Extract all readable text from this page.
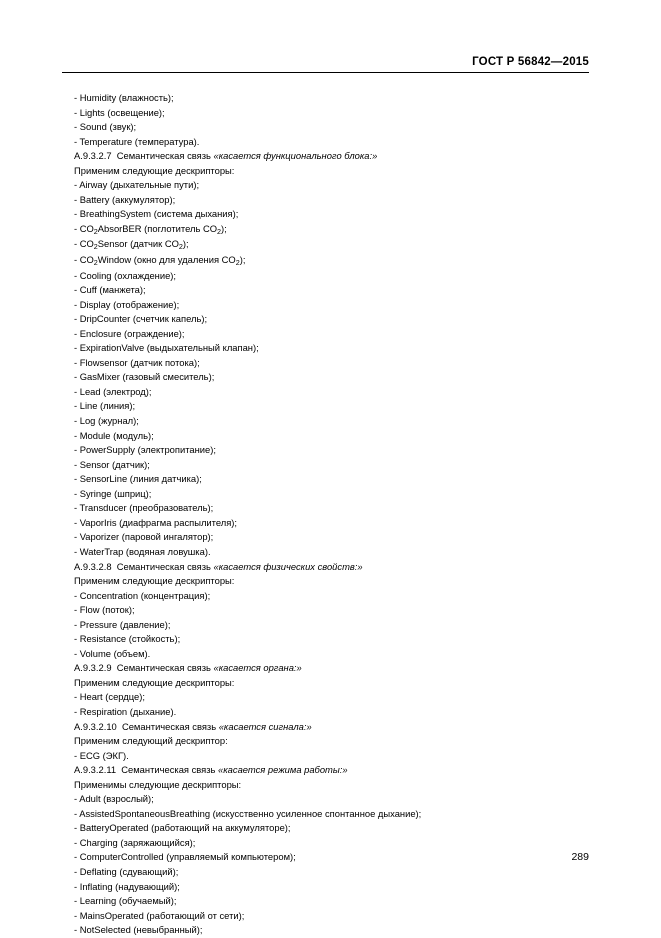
ГОСТ Р 56842—2015
- Humidity (влажность);
- Lights (освещение);
- Sound (звук);
- Temperature (температура).
А.9.3.2.7  Семантическая связь «касается функционального блока:»
Применим следующие дескрипторы:
- Airway (дыхательные пути);
- Battery (аккумулятор);
- BreathingSystem (система дыхания);
- $CO_2AbsorBER$ (поглотитель $CO_2$);
- $CO_2Sensor$ (датчик $CO_2$);
- $CO_2Window$ (окно для удаления $CO_2$);
- Cooling (охлаждение);
- Cuff (манжета);
- Display (отображение);
- DripCounter (счетчик капель);
- Enclosure (ограждение);
- ExpirationValve (выдыхательный клапан);
- Flowsensor (датчик потока);
- GasMixer (газовый смеситель);
- Lead (электрод);
- Line (линия);
- Log (журнал);
- Module (модуль);
- PowerSupply (электропитание);
- Sensor (датчик);
- SensorLine (линия датчика);
- Syringe (шприц);
- Transducer (преобразователь);
- VaporIris (диафрагма распылителя);
- Vaporizer (паровой ингалятор);
- WaterTrap (водяная ловушка).
А.9.3.2.8  Семантическая связь «касается физических свойств:»
Применим следующие дескрипторы:
- Concentration (концентрация);
- Flow (поток);
- Pressure (давление);
- Resistance (стойкость);
- Volume (объем).
А.9.3.2.9  Семантическая связь «касается органа:»
Применим следующие дескрипторы:
- Heart (сердце);
- Respiration (дыхание).
А.9.3.2.10  Семантическая связь «касается сигнала:»
Применим следующий дескриптор:
- ECG (ЭКГ).
А.9.3.2.11  Семантическая связь «касается режима работы:»
Применимы следующие дескрипторы:
- Adult (взрослый);
- AssistedSpontaneousBreathing (искусственно усиленное спонтанное дыхание);
- BatteryOperated (работающий на аккумуляторе);
- Charging (заряжающийся);
- ComputerControlled (управляемый компьютером);
- Deflating (сдувающий);
- Inflating (надувающий);
- Learning (обучаемый);
- MainsOperated (работающий от сети);
- NotSelected (невыбранный);
289
